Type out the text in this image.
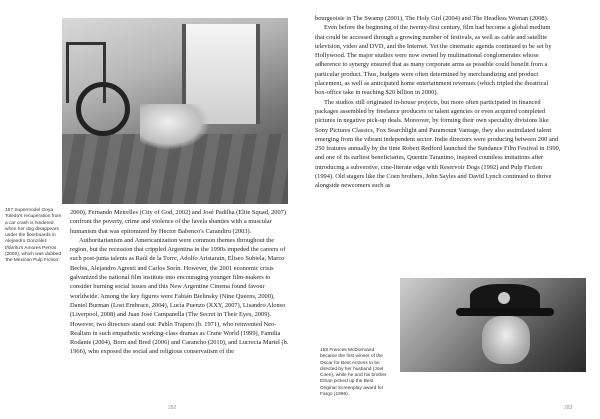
157 Supermodel Goya Toledo's recuperation from a car crash is hindered when her dog disappears under the floorboards in Alejandro González Iñárritu's Amores Perros (2000), which was dubbed 'the Mexican Pulp Fiction'.

2000), Fernando Meirelles (City of God, 2002) and José Padilha (Elite Squad, 2007) confront the poverty, crime and violence of the favela shanties with a muscular humanism that was epitomized by Hector Babenco's Carandiru (2003).

Authoritarianism and Americanization were common themes throughout the region, but the recession that crippled Argentina in the 1990s impeded the careers of such post-junta talents as Raúl de la Torre, Adolfo Aristarain, Eliseo Subiela, Marco Bechis, Alejandro Agresti and Carlos Sorín. However, the 2001 economic crisis galvanized the national film institute into encouraging younger film-makers to consider burning social issues and this New Argentine Cinema found favour worldwide. Among the key figures were Fabián Bielinsky (Nine Queens, 2000), Daniel Burman (Lost Embrace, 2004), Lucía Puenzo (XXY, 2007), Lisandro Alonso (Liverpool, 2008) and Juan José Campanella (The Secret in Their Eyes, 2009). However, two directors stand out: Pablo Trapero (b. 1971), who reinvented Neo-Realism in such empathetic working-class dramas as Crane World (1999), Familia Rodante (2004), Born and Bred (2006) and Carancho (2010), and Lucrecia Martel (b. 1966), who exposed the social and religious conservatism of the

282

bourgeoisie in The Swamp (2001), The Holy Girl (2004) and The Headless Woman (2008).

Even before the beginning of the twenty-first century, film had become a global medium that could be accessed through a growing number of festivals, as well as cable and satellite television, video and DVD, and the Internet. Yet the cinematic agenda continued to be set by Hollywood. The major studios were now owned by multinational conglomerates whose adherence to synergy ensured that as many corporate arms as possible could benefit from a particular product. Thus, budgets were often determined by merchandizing and product placement, as well as anticipated home entertainment revenues (which tripled the theatrical box-office take in reaching $20 billion in 2000).

The studios still originated in-house projects, but more often participated in financed packages assembled by freelance producers or talent agencies or even acquired completed pictures in negative pick-up deals. Moreover, by forming their own speciality divisions like Sony Pictures Classics, Fox Searchlight and Paramount Vantage, they also assimilated talent emerging from the vibrant independent sector. Indie directors were producing between 200 and 250 features annually by the time Robert Redford launched the Sundance Film Festival in 1990, and one of its earliest beneficiaries, Quentin Tarantino, inspired countless imitations after introducing a subversive, cine-literate edge with Reservoir Dogs (1992) and Pulp Fiction (1994). Old stagers like the Coen brothers, John Sayles and David Lynch continued to thrive alongside newcomers such as

158 Frances McDormand became the first winner of the Oscar for Best Actress to be directed by her husband (Joel Coen), while he and his brother Ethan picked up the Best Original Screenplay award for Fargo (1996).
283
